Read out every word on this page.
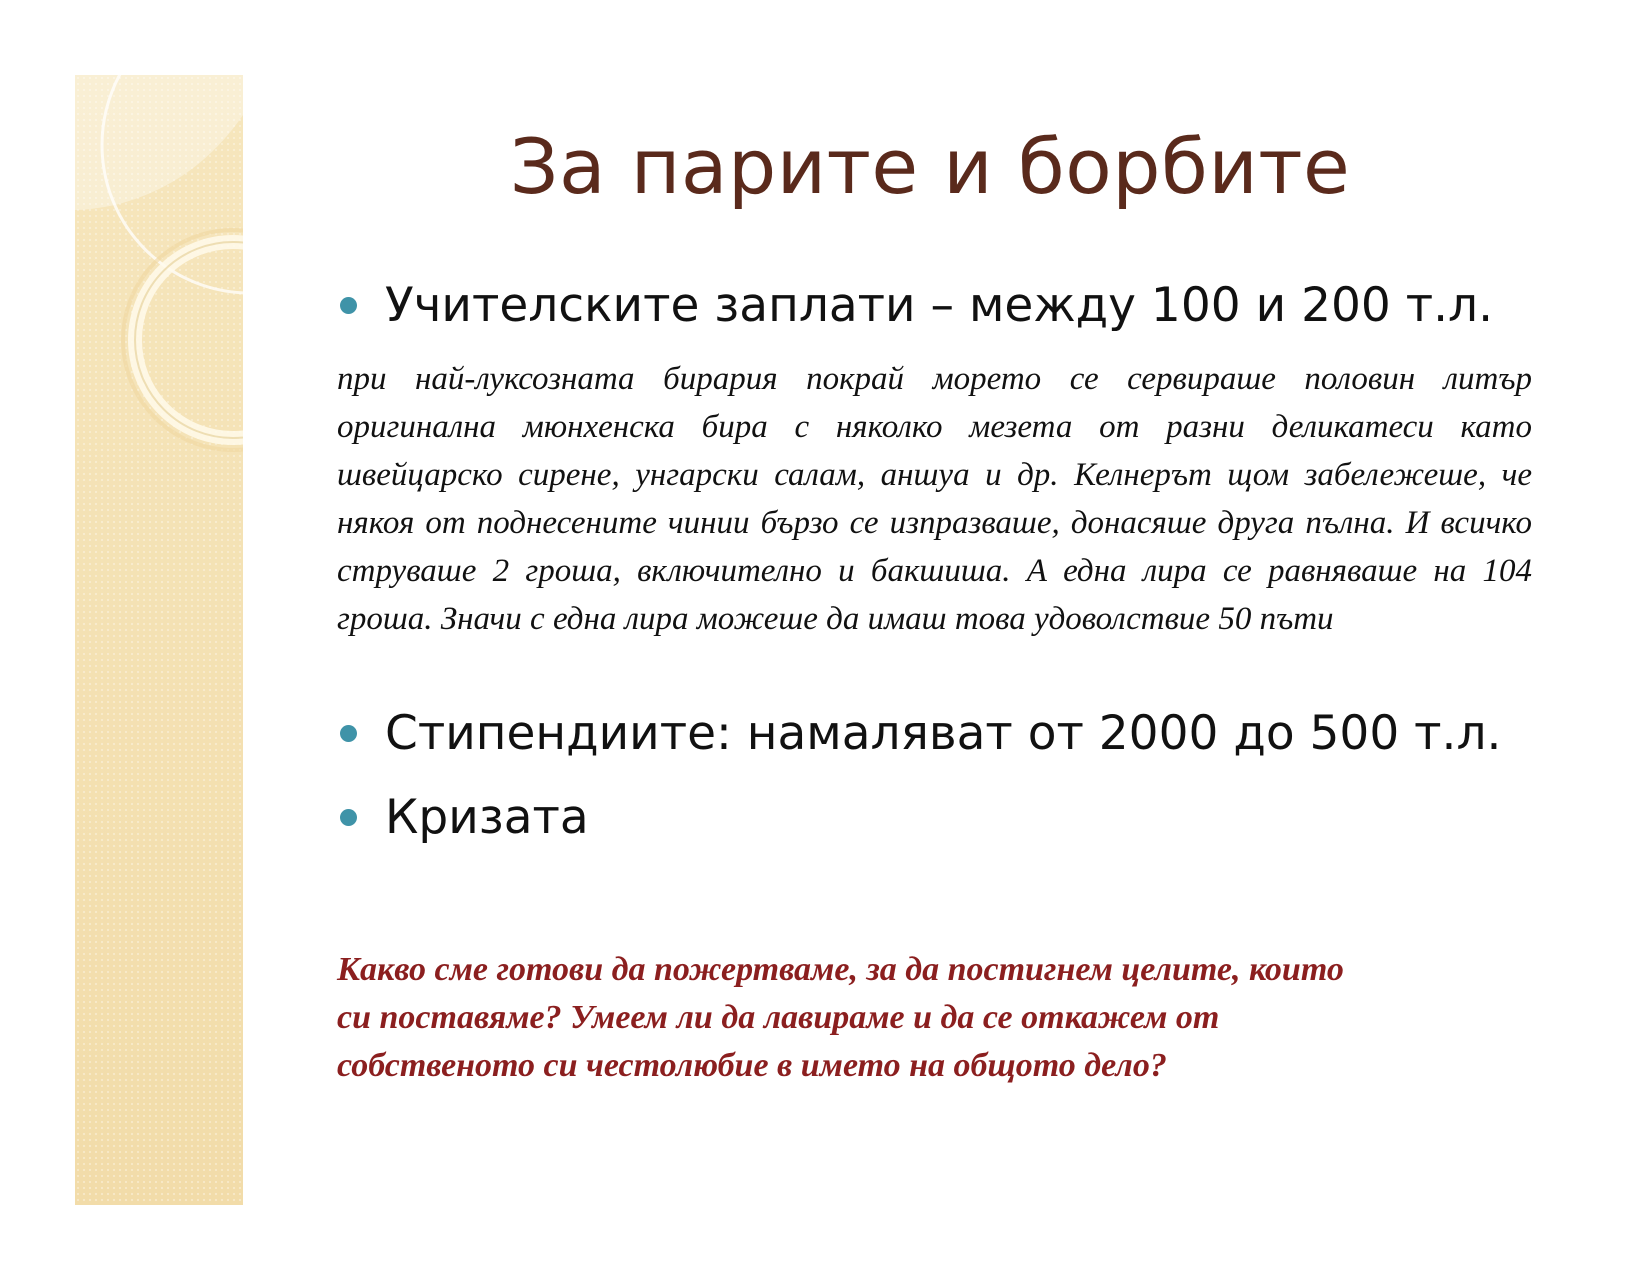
За парите и борбите
Учителските заплати – между 100 и 200 т.л.
при най-луксозната бирария покрай морето се сервираше половин литър оригинална мюнхенска бира с няколко мезета от разни деликатеси като швейцарско сирене, унгарски салам, аншуа и др. Келнерът щом забележеше, че някоя от поднесените чинии бързо се изпразваше, донасяше друга пълна. И всичко струваше 2 гроша, включително и бакшиша. А една лира се равняваше на 104 гроша. Значи с една лира можеше да имаш това удоволствие 50 пъти
Стипендиите: намаляват от 2000 до 500 т.л.
Кризата
Какво сме готови да пожертваме, за да постигнем целите, които
си поставяме? Умеем ли да лавираме и да се откажем от
собственото си честолюбие в името на общото дело?
